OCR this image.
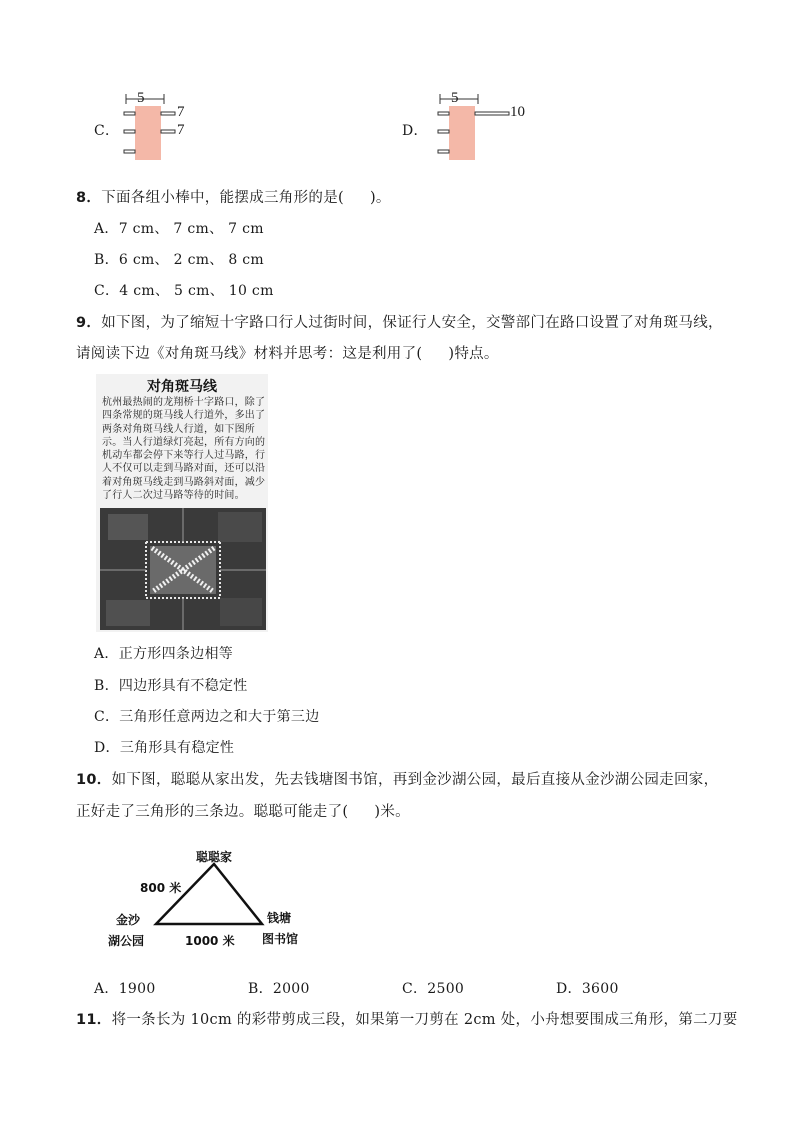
C．
5
7
7	D．
5
10
8．下面各组小棒中，能摆成三角形的是( )。
A．7 cm、 7 cm、 7 cm
B．6 cm、 2 cm、 8 cm
C．4 cm、 5 cm、 10 cm
9．如下图，为了缩短十字路口行人过街时间，保证行人安全，交警部门在路口设置了对角斑马线，
请阅读下边《对角斑马线》材料并思考：这是利用了( )特点。
对角斑马线
杭州最热闹的龙翔桥十字路口，除了四条常规的斑马线人行道外，多出了两条对角斑马线人行道，如下图所示。当人行道绿灯亮起，所有方向的机动车都会停下来等行人过马路，行人不仅可以走到马路对面，还可以沿着对角斑马线走到马路斜对面，减少了行人二次过马路等待的时间。
A．正方形四条边相等
B．四边形具有不稳定性
C．三角形任意两边之和大于第三边
D．三角形具有稳定性
10．如下图，聪聪从家出发，先去钱塘图书馆，再到金沙湖公园，最后直接从金沙湖公园走回家，
正好走了三角形的三条边。聪聪可能走了( )米。
聪聪家
800 米
金沙
湖公园	1000 米
钱塘
图书馆
A．1900	B．2000	C．2500	D．3600
11．将一条长为 10cm 的彩带剪成三段，如果第一刀剪在 2cm 处，小舟想要围成三角形，第二刀要
